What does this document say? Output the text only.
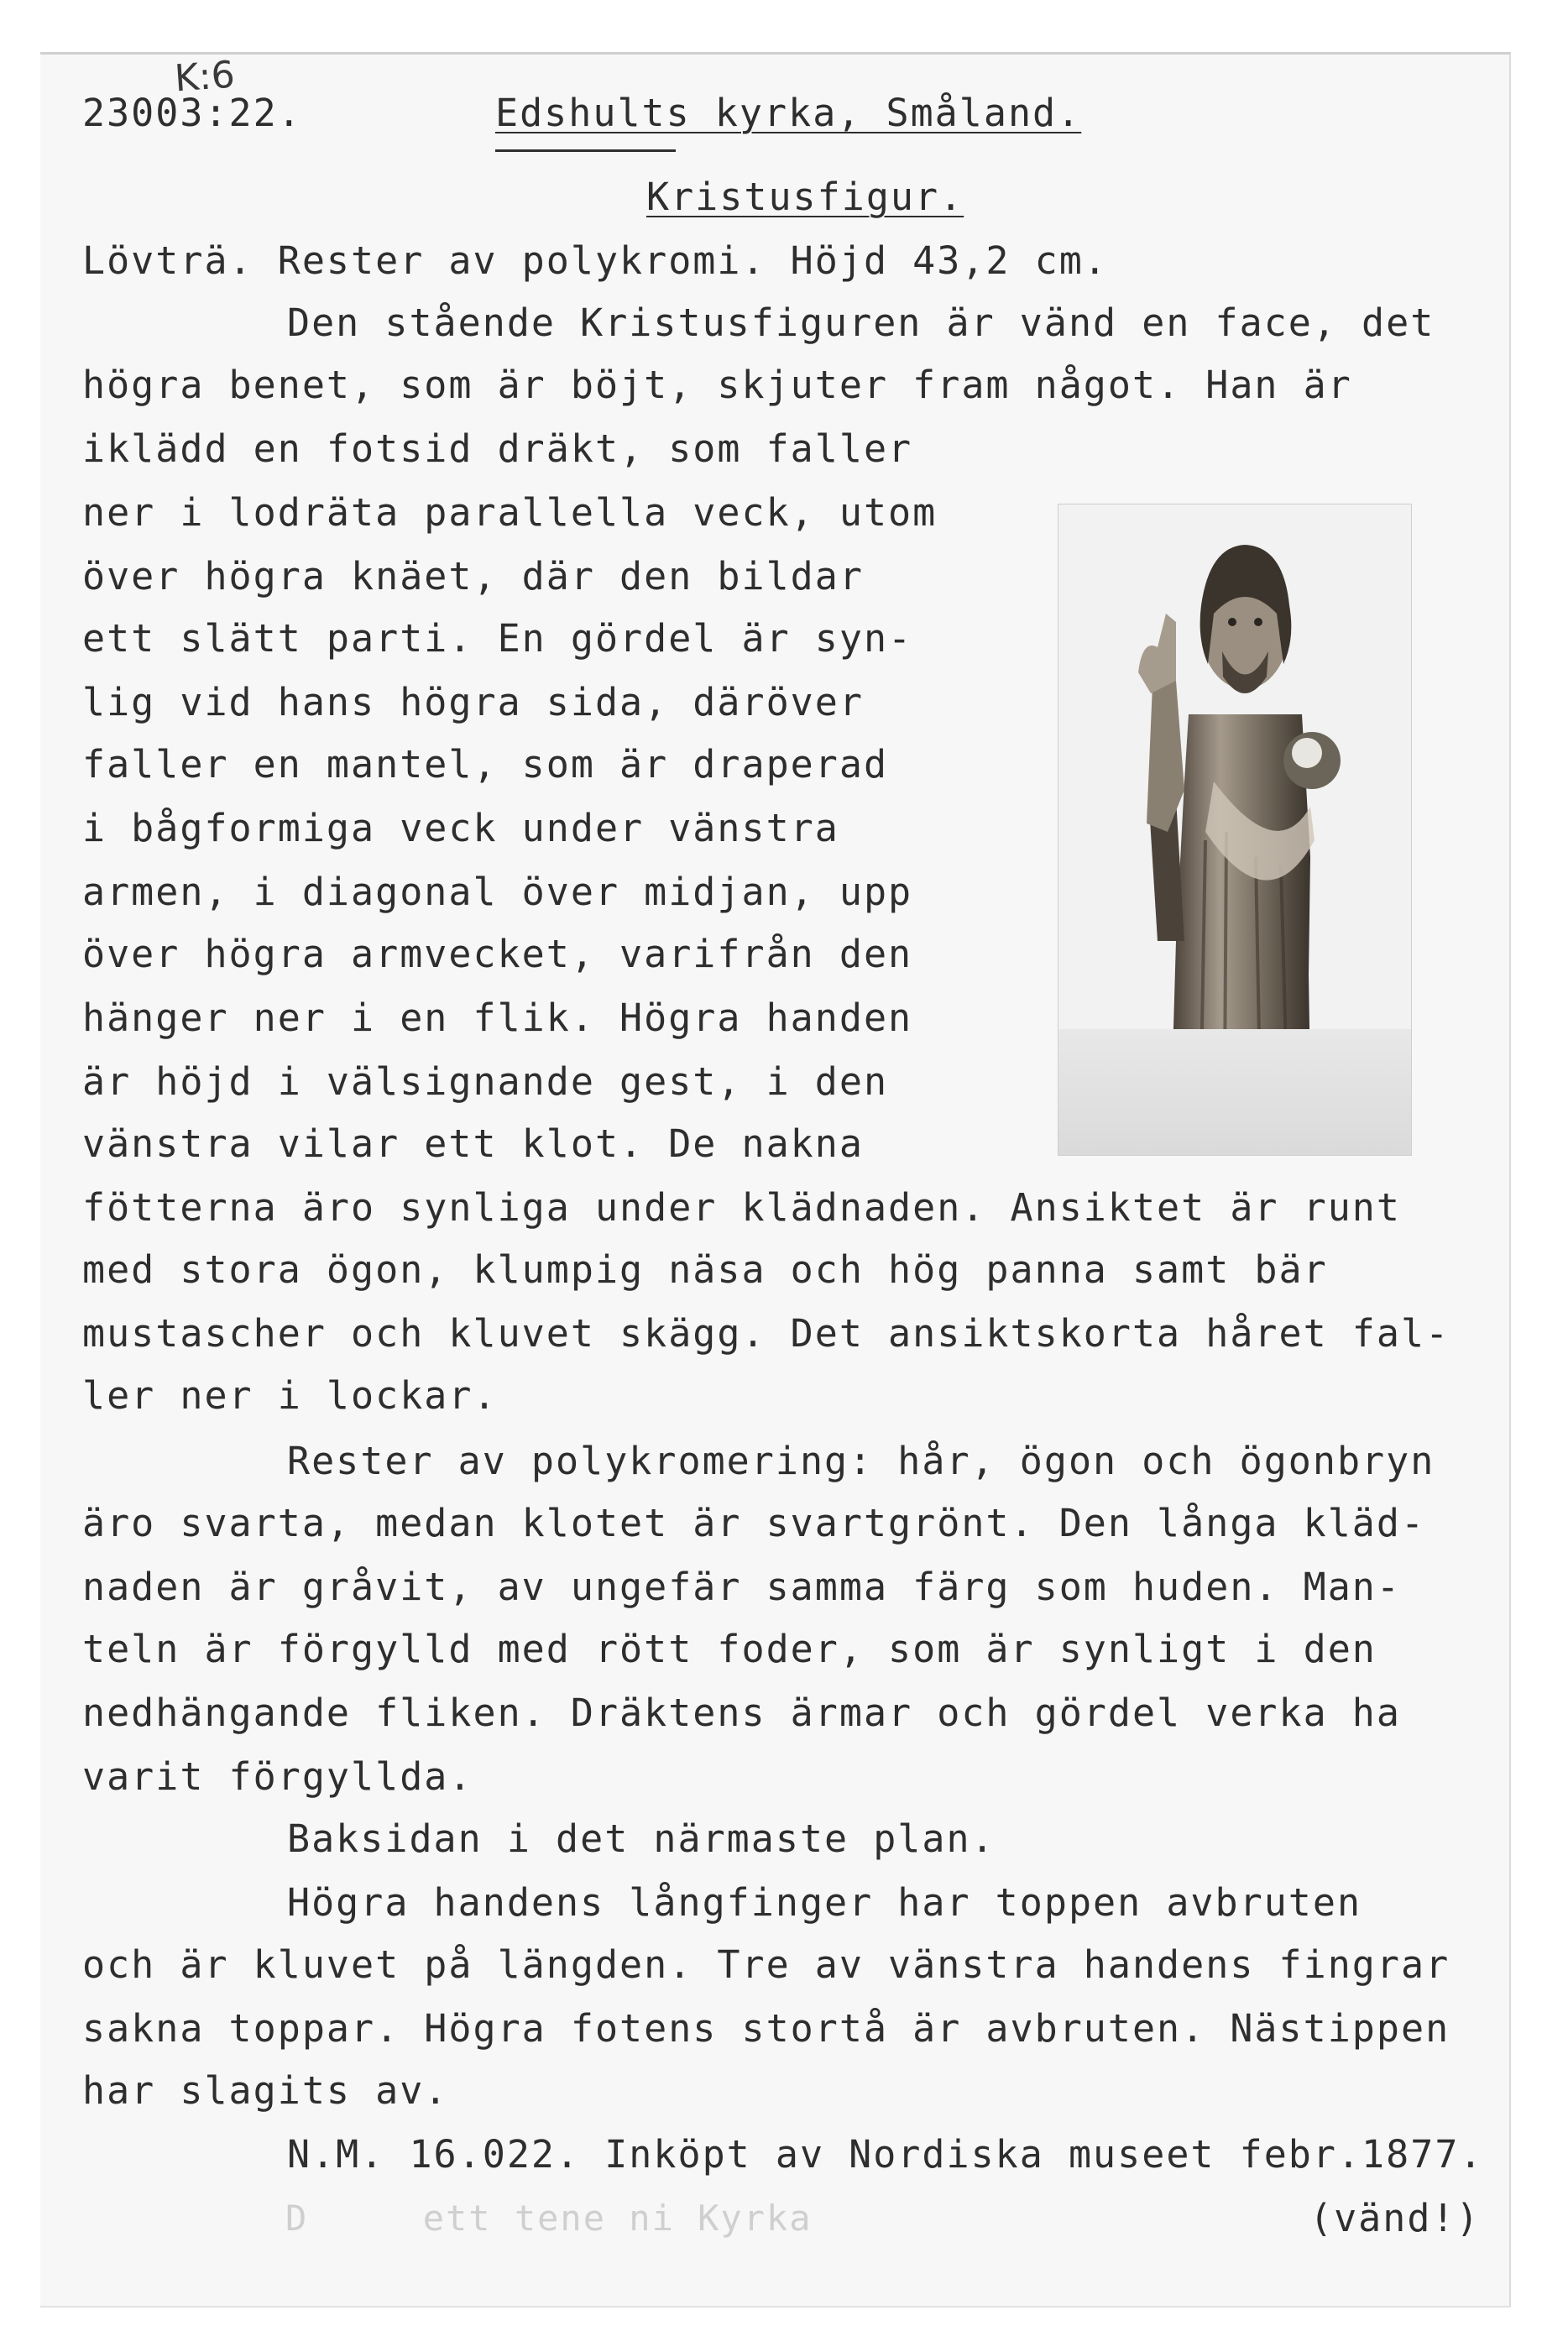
23003:22.
K:6
Edshults kyrka, Småland.
Kristusfigur.
Lövträ. Rester av polykromi. Höjd 43,2 cm.
Den stående Kristusfiguren är vänd en face, det
högra benet, som är böjt, skjuter fram något. Han är
iklädd en fotsid dräkt, som faller
ner i lodräta parallella veck, utom
över högra knäet, där den bildar
ett slätt parti. En gördel är syn-
lig vid hans högra sida, däröver
faller en mantel, som är draperad
i bågformiga veck under vänstra
armen, i diagonal över midjan, upp
över högra armvecket, varifrån den
hänger ner i en flik. Högra handen
är höjd i välsignande gest, i den
vänstra vilar ett klot. De nakna
fötterna äro synliga under klädnaden. Ansiktet är runt
med stora ögon, klumpig näsa och hög panna samt bär
mustascher och kluvet skägg. Det ansiktskorta håret fal-
ler ner i lockar.
Rester av polykromering: hår, ögon och ögonbryn
äro svarta, medan klotet är svartgrönt. Den långa kläd-
naden är gråvit, av ungefär samma färg som huden. Man-
teln är förgylld med rött foder, som är synligt i den
nedhängande fliken. Dräktens ärmar och gördel verka ha
varit förgyllda.
Baksidan i det närmaste plan.
Högra handens långfinger har toppen avbruten
och är kluvet på längden. Tre av vänstra handens fingrar
sakna toppar. Högra fotens stortå är avbruten. Nästippen
har slagits av.
N.M. 16.022. Inköpt av Nordiska museet febr.1877.
(vänd!)
D     ett tene ni Kyrka
